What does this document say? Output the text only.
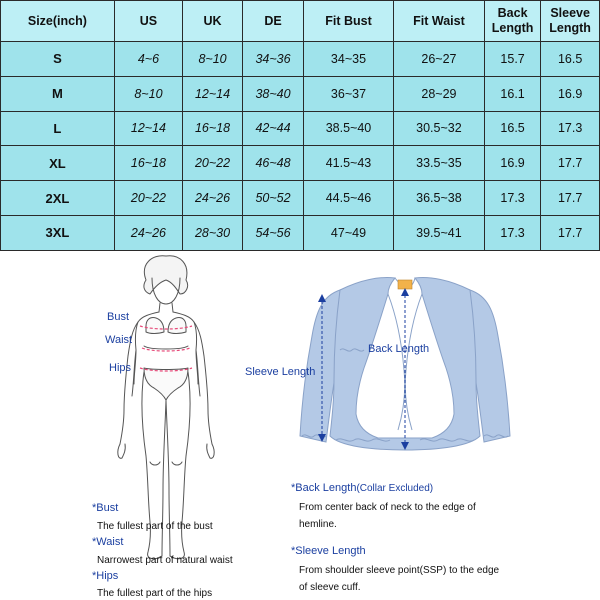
Size(inch)	US	UK	DE	Fit Bust	Fit Waist	Back Length	Sleeve Length
S	4~6	8~10	34~36	34~35	26~27	15.7	16.5
M	8~10	12~14	38~40	36~37	28~29	16.1	16.9
L	12~14	16~18	42~44	38.5~40	30.5~32	16.5	17.3
XL	16~18	20~22	46~48	41.5~43	33.5~35	16.9	17.7
2XL	20~22	24~26	50~52	44.5~46	36.5~38	17.3	17.7
3XL	24~26	28~30	54~56	47~49	39.5~41	17.3	17.7
Bust
Waist
Hips
Back Length
Sleeve Length
*Bust
The fullest part of the bust
*Waist
Narrowest part of natural waist
*Hips
The fullest part of the hips
*Back Length(Collar Excluded)
From center back of neck to the edge of
hemline.
*Sleeve Length
From shoulder sleeve point(SSP) to the edge
of sleeve cuff.
